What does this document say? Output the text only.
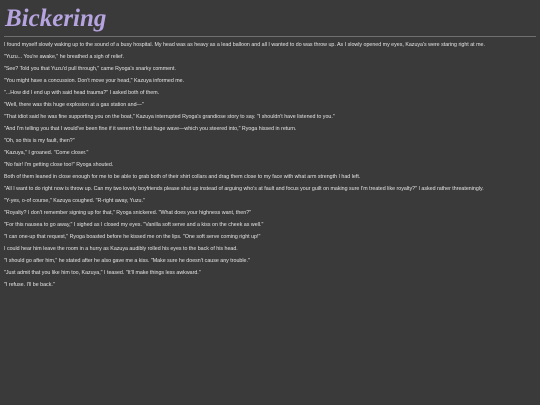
Bickering

I found myself slowly waking up to the sound of a busy hospital. My head was as heavy as a lead balloon and all I wanted to do was throw up. As I slowly opened my eyes, Kazuya's were staring right at me.

"Yuzu... You're awake," he breathed a sigh of relief.

"See? Told you that Yuzu'd pull through," came Ryoga's snarky comment.

"You might have a concussion. Don't move your head," Kazuya informed me.

"...How did I end up with said head trauma?" I asked both of them.

"Well, there was this huge explosion at a gas station and—"

"That idiot said he was fine supporting you on the boat," Kazuya interrupted Ryoga's grandiose story to say. "I shouldn't have listened to you."

"And I'm telling you that I would've been fine if it weren't for that huge wave—which you steered into," Ryoga hissed in return.

"Oh, so this is my fault, then?"

"Kazuya," I groaned. "Come closer."

"No fair! I'm getting close too!" Ryoga shouted.

Both of them leaned in close enough for me to be able to grab both of their shirt collars and drag them close to my face with what arm strength I had left.

"All I want to do right now is throw up. Can my two lovely boyfriends please shut up instead of arguing who's at fault and focus your guilt on making sure I'm treated like royalty?" I asked rather threateningly.

"Y-yes, o-of course," Kazuya coughed. "R-right away, Yuzu."

"Royalty? I don't remember signing up for that," Ryoga snickered. "What does your highness want, then?"

"For this nausea to go away," I sighed as I closed my eyes. "Vanilla soft serve and a kiss on the cheek as well."

"I can one-up that request," Ryoga boasted before he kissed me on the lips. "One soft serve coming right up!"

I could hear him leave the room in a hurry as Kazuya audibly rolled his eyes to the back of his head.

"I should go after him," he stated after he also gave me a kiss. "Make sure he doesn't cause any trouble."

"Just admit that you like him too, Kazuya," I teased. "It'll make things less awkward."

"I refuse. I'll be back."
